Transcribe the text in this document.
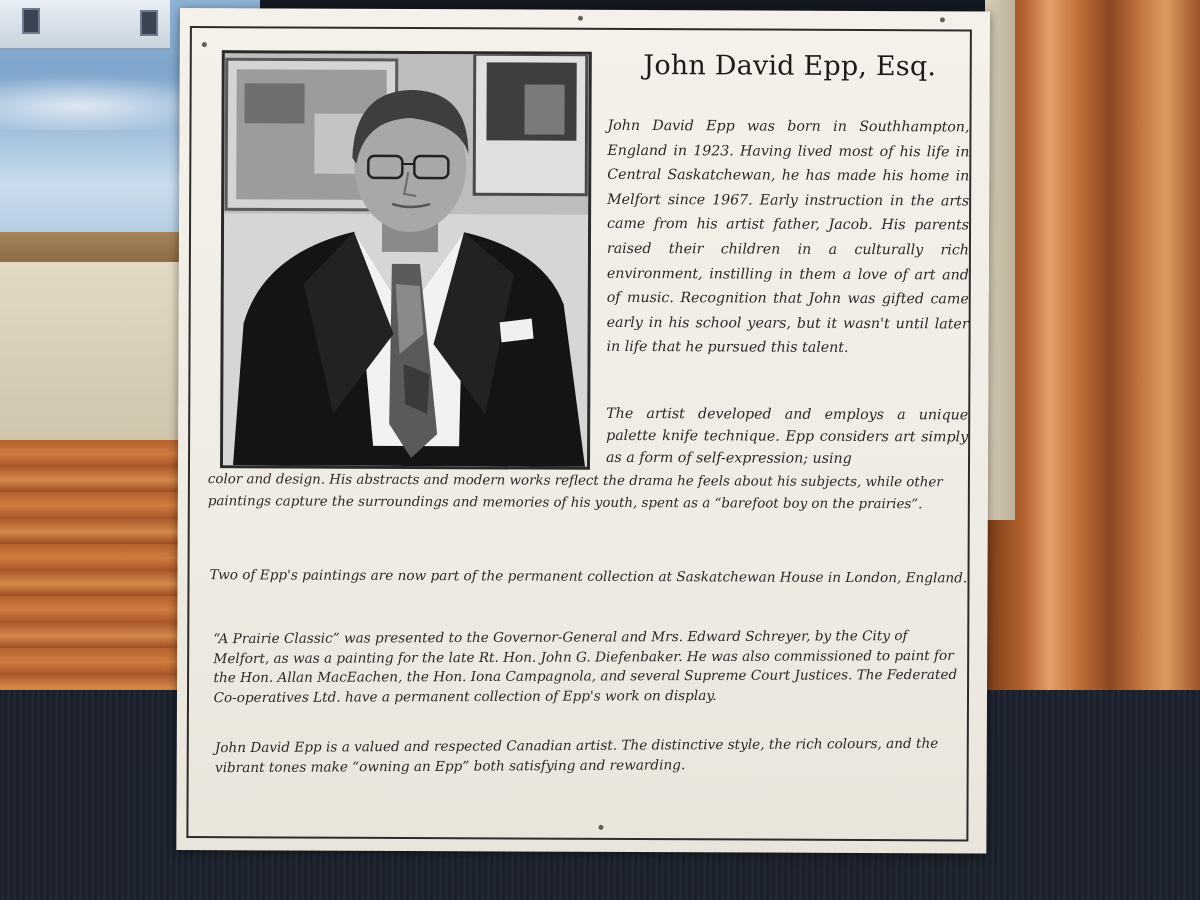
John David Epp, Esq.

John David Epp was born in Southhampton, England in 1923. Having lived most of his life in Central Saskatchewan, he has made his home in Melfort since 1967. Early instruction in the arts came from his artist father, Jacob. His parents raised their children in a culturally rich environment, instilling in them a love of art and of music. Recognition that John was gifted came early in his school years, but it wasn't until later in life that he pursued this talent.

The artist developed and employs a unique palette knife technique. Epp considers art simply as a form of self-expression; using

color and design. His abstracts and modern works reflect the drama he feels about his subjects, while other paintings capture the surroundings and memories of his youth, spent as a “barefoot boy on the prairies”.

Two of Epp's paintings are now part of the permanent collection at Saskatchewan House in London, England.

“A Prairie Classic” was presented to the Governor-General and Mrs. Edward Schreyer, by the City of Melfort, as was a painting for the late Rt. Hon. John G. Diefenbaker. He was also commissioned to paint for the Hon. Allan MacEachen, the Hon. Iona Campagnola, and several Supreme Court Justices. The Federated Co-operatives Ltd. have a permanent collection of Epp's work on display.

John David Epp is a valued and respected Canadian artist. The distinctive style, the rich colours, and the vibrant tones make “owning an Epp” both satisfying and rewarding.
